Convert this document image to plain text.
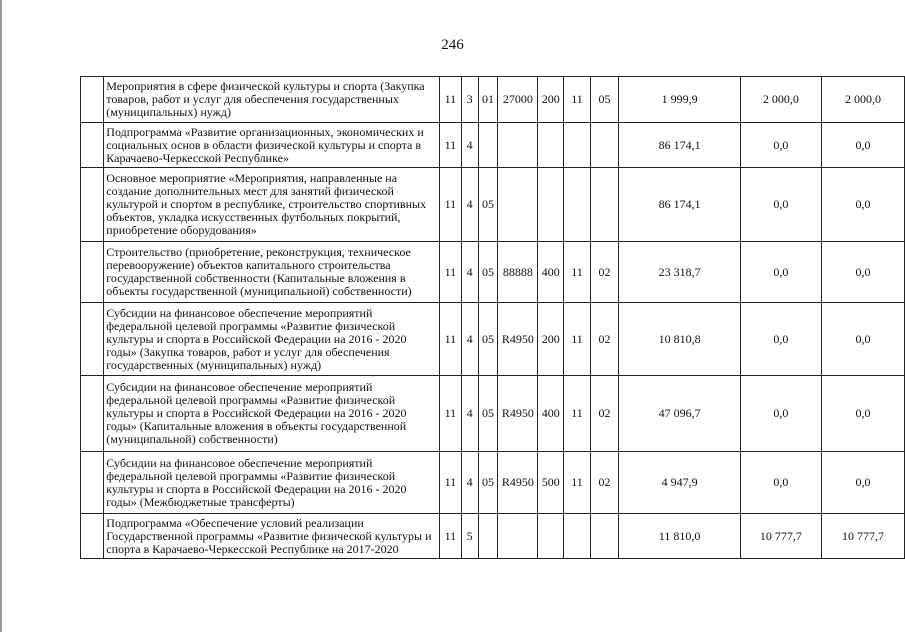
246
	Мероприятия в сфере физической культуры и спорта (Закупка товаров, работ и услуг для обеспечения государственных (муниципальных) нужд)	11	3	01	27000	200	11	05	1 999,9	2 000,0	2 000,0
	Подпрограмма «Развитие организационных, экономических и социальных основ в области физической культуры и спорта в Карачаево-Черкесской Республике»	11	4						86 174,1	0,0	0,0
	Основное мероприятие «Мероприятия, направленные на создание дополнительных мест для занятий физической культурой и спортом в республике, строительство спортивных объектов, укладка искусственных футбольных покрытий, приобретение оборудования»	11	4	05					86 174,1	0,0	0,0
	Строительство (приобретение, реконструкция, техническое перевооружение) объектов капитального строительства государственной собственности (Капитальные вложения в объекты государственной (муниципальной) собственности)	11	4	05	88888	400	11	02	23 318,7	0,0	0,0
	Субсидии на финансовое обеспечение мероприятий федеральной целевой программы «Развитие физической культуры и спорта в Российской Федерации на 2016 - 2020 годы» (Закупка товаров, работ и услуг для обеспечения государственных (муниципальных) нужд)	11	4	05	R4950	200	11	02	10 810,8	0,0	0,0
	Субсидии на финансовое обеспечение мероприятий федеральной целевой программы «Развитие физической культуры и спорта в Российской Федерации на 2016 - 2020 годы» (Капитальные вложения в объекты государственной (муниципальной) собственности)	11	4	05	R4950	400	11	02	47 096,7	0,0	0,0
	Субсидии на финансовое обеспечение мероприятий федеральной целевой программы «Развитие физической культуры и спорта в Российской Федерации на 2016 - 2020 годы» (Межбюджетные трансферты)	11	4	05	R4950	500	11	02	4 947,9	0,0	0,0
	Подпрограмма «Обеспечение условий реализации Государственной программы «Развитие физической культуры и спорта в Карачаево-Черкесской Республике на 2017-2020	11	5						11 810,0	10 777,7	10 777,7
